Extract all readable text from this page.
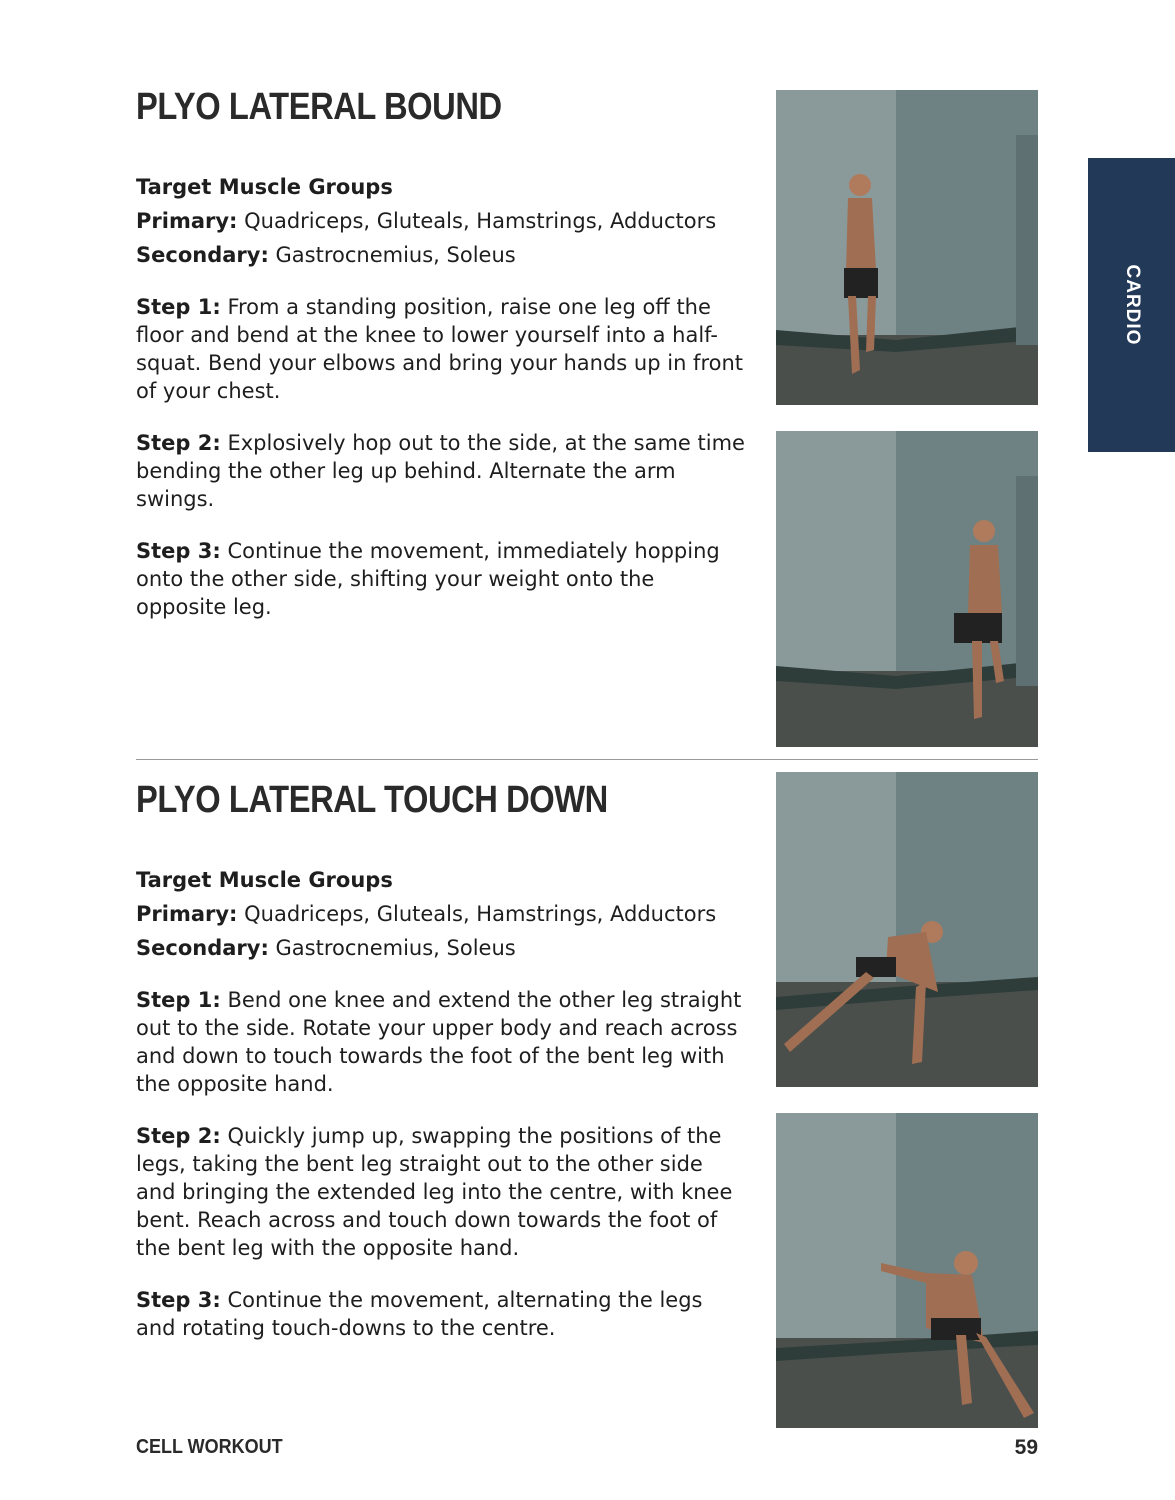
CARDIO
PLYO LATERAL BOUND

Target Muscle Groups

Primary: Quadriceps, Gluteals, Hamstrings, Adductors

Secondary: Gastrocnemius, Soleus

Step 1: From a standing position, raise one leg off the floor and bend at the knee to lower yourself into a half-squat. Bend your elbows and bring your hands up in front of your chest.

Step 2: Explosively hop out to the side, at the same time bending the other leg up behind. Alternate the arm swings.

Step 3: Continue the movement, immediately hopping onto the other side, shifting your weight onto the opposite leg.

PLYO LATERAL TOUCH DOWN

Target Muscle Groups

Primary: Quadriceps, Gluteals, Hamstrings, Adductors

Secondary: Gastrocnemius, Soleus

Step 1: Bend one knee and extend the other leg straight out to the side. Rotate your upper body and reach across and down to touch towards the foot of the bent leg with the opposite hand.

Step 2: Quickly jump up, swapping the positions of the legs, taking the bent leg straight out to the other side and bringing the extended leg into the centre, with knee bent. Reach across and touch down towards the foot of the bent leg with the opposite hand.

Step 3: Continue the movement, alternating the legs and rotating touch-downs to the centre.

CELL WORKOUT	59
